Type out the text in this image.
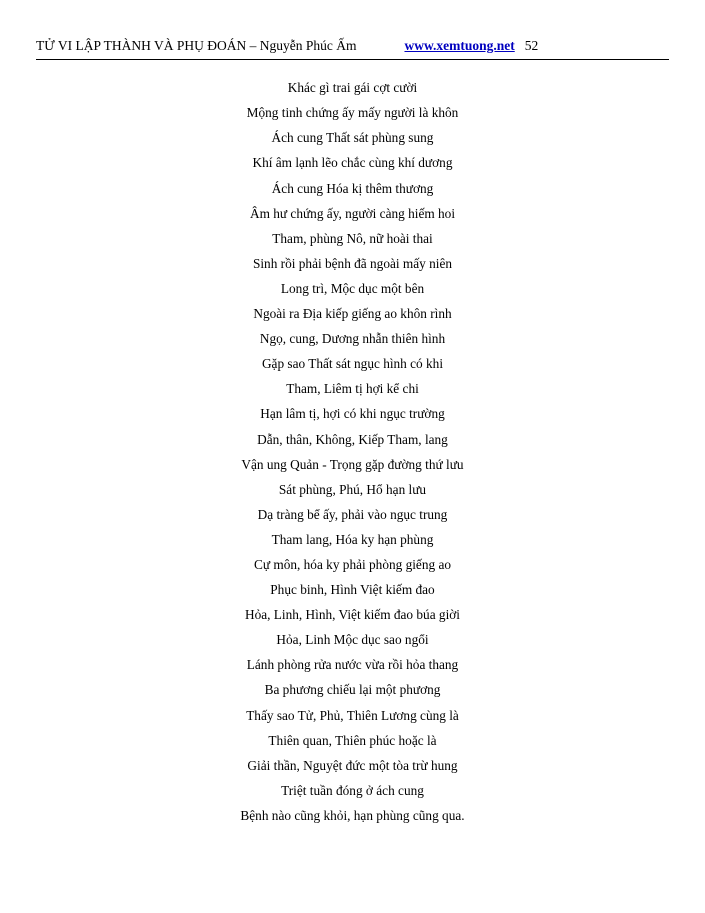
TỬ VI LẬP THÀNH VÀ PHỤ ĐOÁN – Nguyễn Phúc Ấm	www.xemtuong.net 52
Khác gì trai gái cợt cười
Mộng tinh chứng ấy mấy người là khôn
Ách cung Thất sát phùng sung
Khí âm lạnh lẽo chắc cùng khí dương
Ách cung Hóa kị thêm thương
Âm hư chứng ấy, người càng hiếm hoi
Tham, phùng Nô, nữ hoài thai
Sinh rồi phải bệnh đã ngoài mấy niên
Long trì, Mộc dục một bên
Ngoài ra Địa kiếp giếng ao khôn rình
Ngọ, cung, Dương nhẫn thiên hình
Gặp sao Thất sát ngục hình có khi
Tham, Liêm tị hợi kể chi
Hạn lâm tị, hợi có khi ngục trường
Dẫn, thân, Không, Kiếp Tham, lang
Vận ung Quản - Trọng gặp đường thứ lưu
Sát phùng, Phú, Hổ hạn lưu
Dạ tràng bể ấy, phải vào ngục trung
Tham lang, Hóa ky hạn phùng
Cự môn, hóa ky phải phòng giếng ao
Phục binh, Hình Việt kiếm đao
Hỏa, Linh, Hình, Việt kiếm đao búa giời
Hỏa, Linh Mộc dục sao ngổi
Lánh phòng rửa nước vừa rồi hỏa thang
Ba phương chiếu lại một phương
Thấy sao Tử, Phủ, Thiên Lương cùng là
Thiên quan, Thiên phúc hoặc là
Giải thần, Nguyệt đức một tòa trừ hung
Triệt tuần đóng ở ách cung
Bệnh nào cũng khỏi, hạn phùng cũng qua.
